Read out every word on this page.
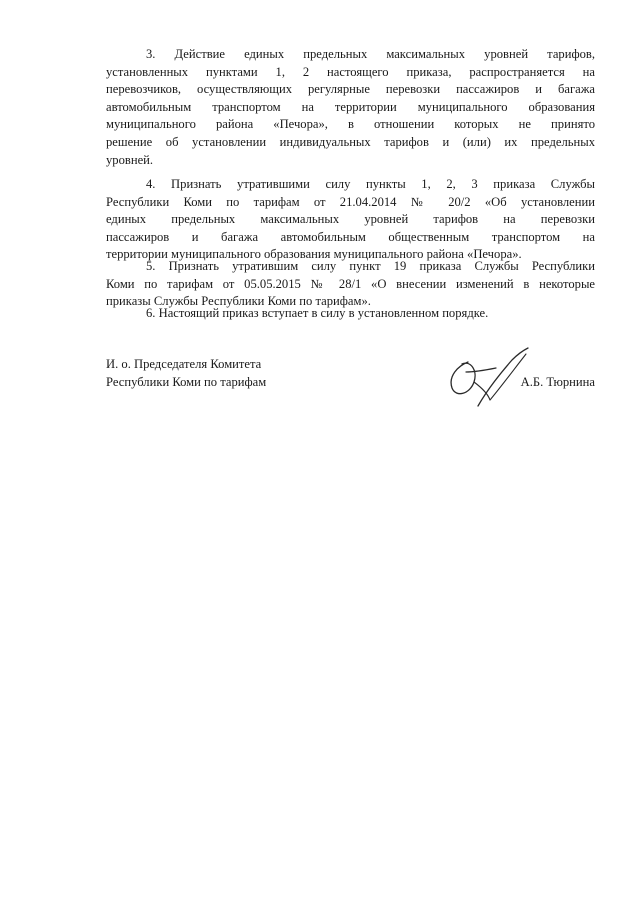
3. Действие единых предельных максимальных уровней тарифов,
установленных пунктами 1, 2 настоящего приказа, распространяется на
перевозчиков, осуществляющих регулярные перевозки пассажиров и багажа
автомобильным транспортом на территории муниципального образования
муниципального района «Печора», в отношении которых не принято
решение об установлении индивидуальных тарифов и (или) их предельных
уровней.
4. Признать утратившими силу пункты 1, 2, 3 приказа Службы
Республики Коми по тарифам от 21.04.2014 № 20/2 «Об установлении
единых предельных максимальных уровней тарифов на перевозки
пассажиров и багажа автомобильным общественным транспортом на
территории муниципального образования муниципального района «Печора».
5. Признать утратившим силу пункт 19 приказа Службы Республики
Коми по тарифам от 05.05.2015 № 28/1 «О внесении изменений в некоторые
приказы Службы Республики Коми по тарифам».
6. Настоящий приказ вступает в силу в установленном порядке.
И. о. Председателя Комитета
Республики Коми по тарифам	А.Б. Тюрнина
